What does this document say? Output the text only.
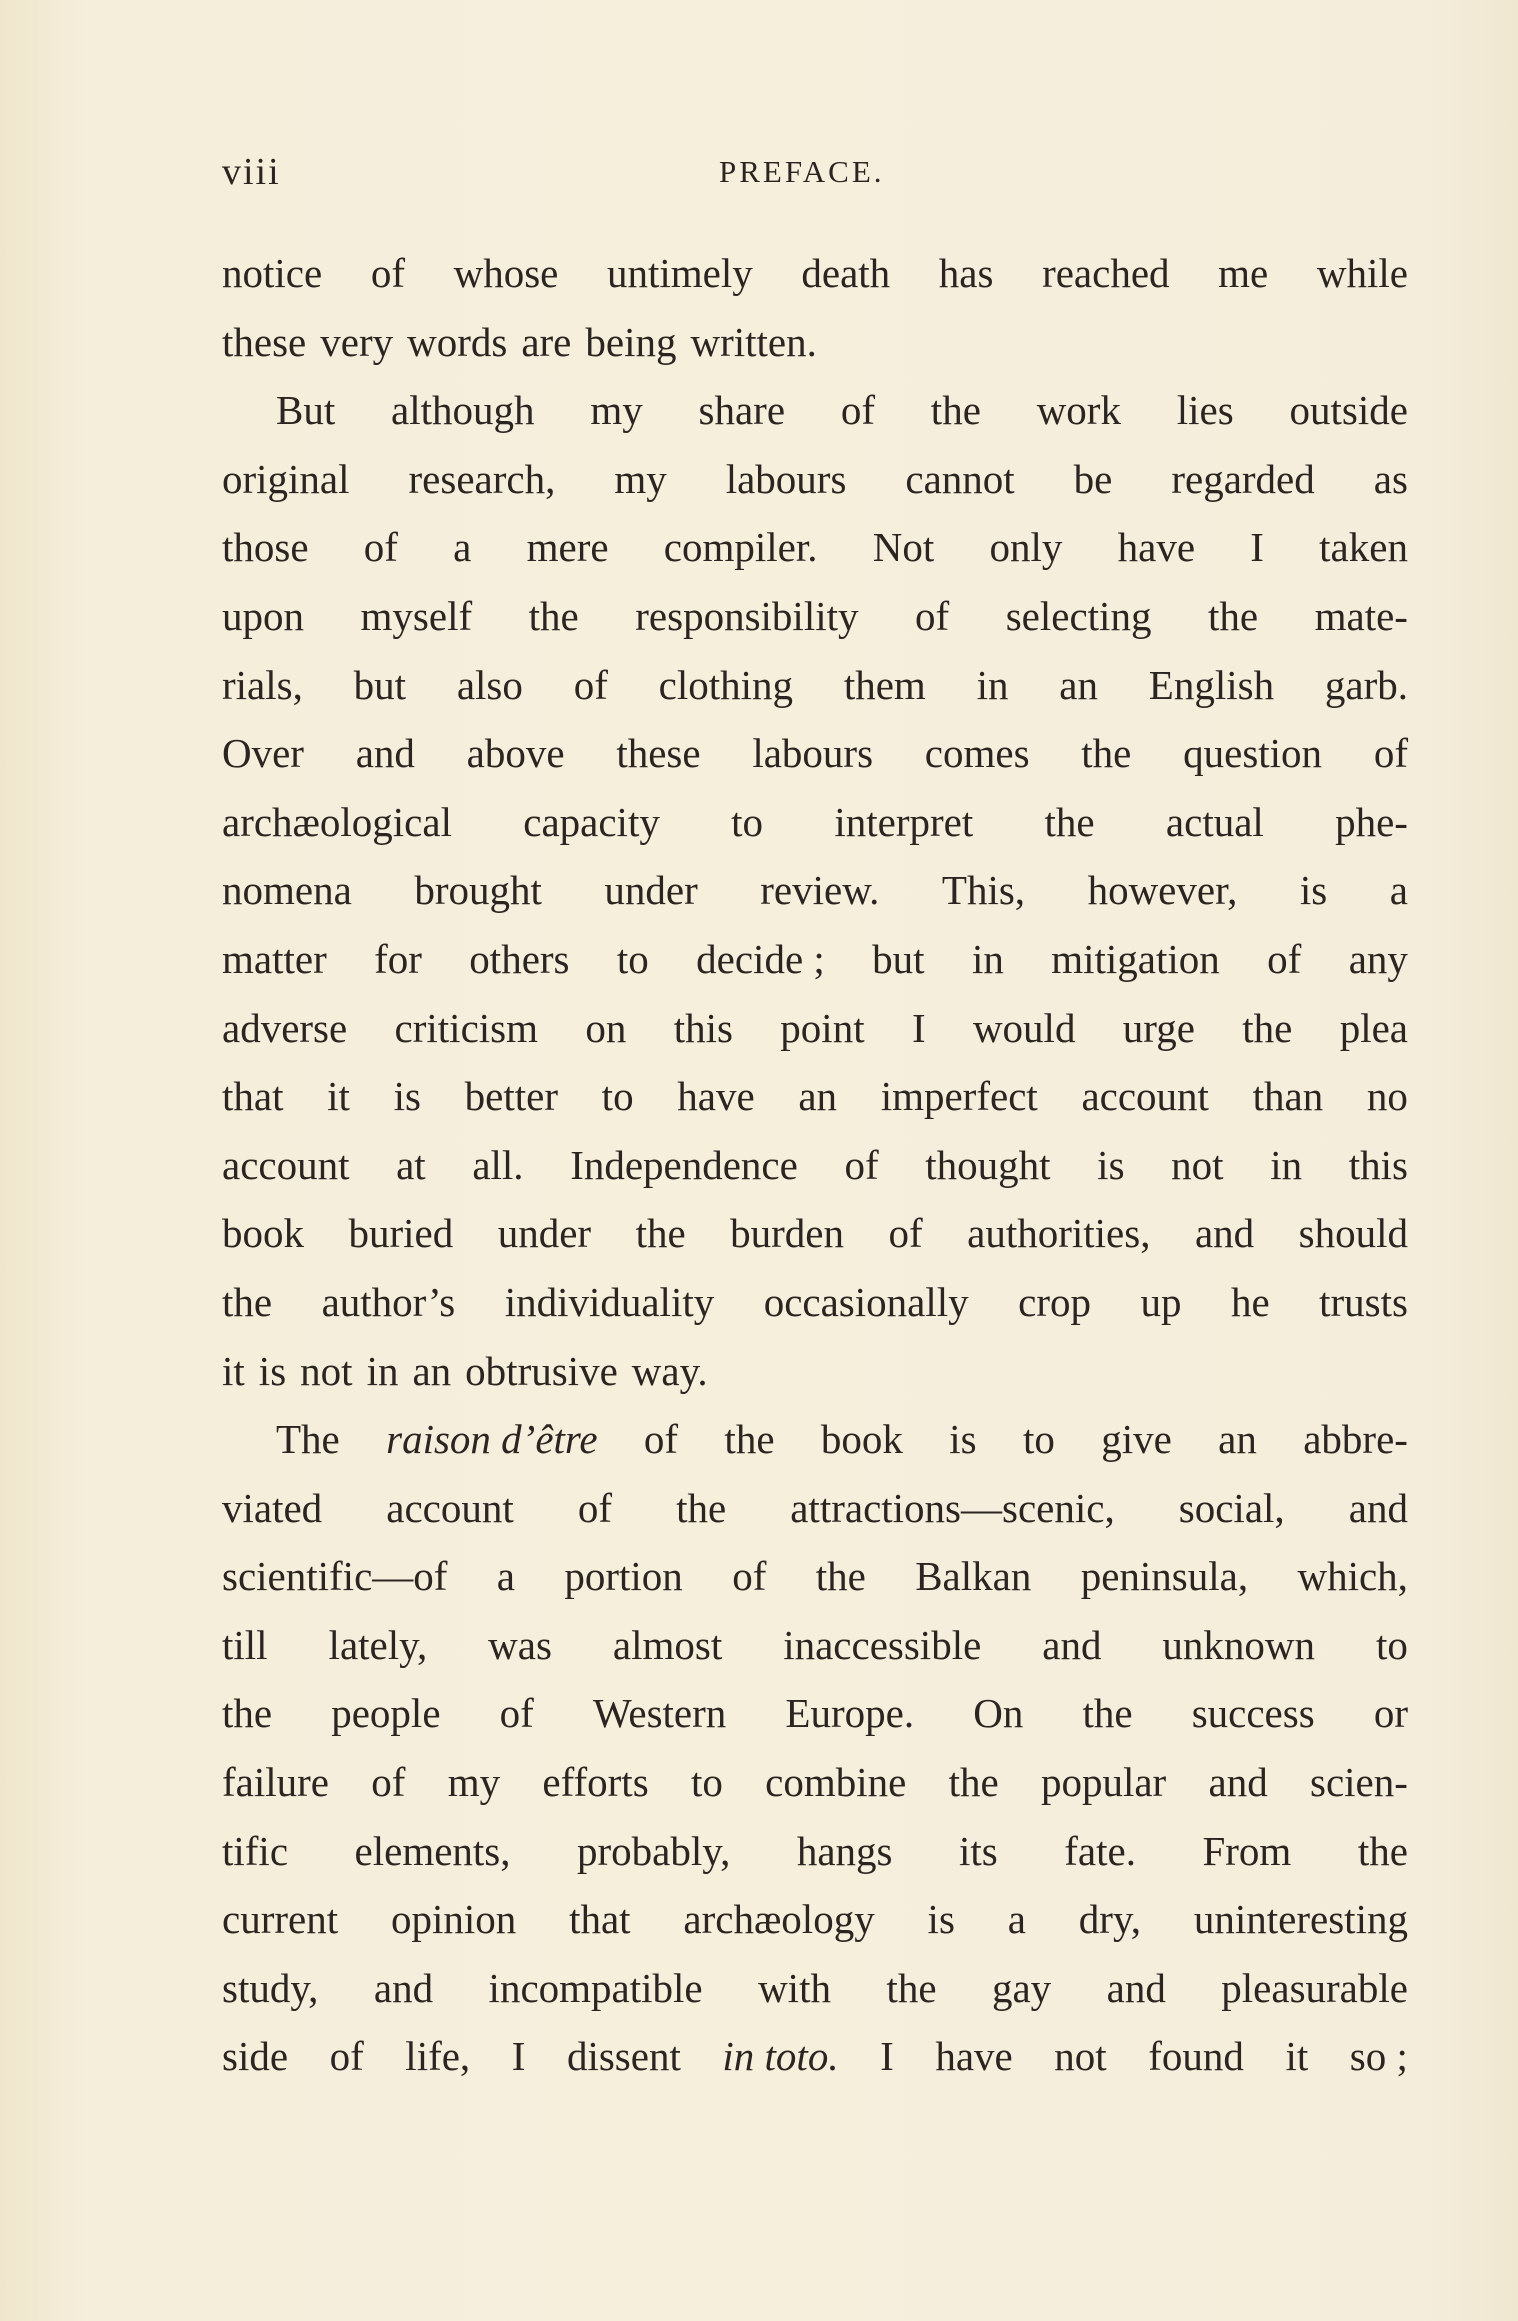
viii	PREFACE.
notice of whose untimely death has reached me while
these very words are being written.
But although my share of the work lies outside
original research, my labours cannot be regarded as
those of a mere compiler. Not only have I taken
upon myself the responsibility of selecting the mate-
rials, but also of clothing them in an English garb.
Over and above these labours comes the question of
archæological capacity to interpret the actual phe-
nomena brought under review. This, however, is a
matter for others to decide ; but in mitigation of any
adverse criticism on this point I would urge the plea
that it is better to have an imperfect account than no
account at all. Independence of thought is not in this
book buried under the burden of authorities, and should
the author’s individuality occasionally crop up he trusts
it is not in an obtrusive way.
The raison d’être of the book is to give an abbre-
viated account of the attractions—scenic, social, and
scientific—of a portion of the Balkan peninsula, which,
till lately, was almost inaccessible and unknown to
the people of Western Europe. On the success or
failure of my efforts to combine the popular and scien-
tific elements, probably, hangs its fate. From the
current opinion that archæology is a dry, uninteresting
study, and incompatible with the gay and pleasurable
side of life, I dissent in toto. I have not found it so ;
